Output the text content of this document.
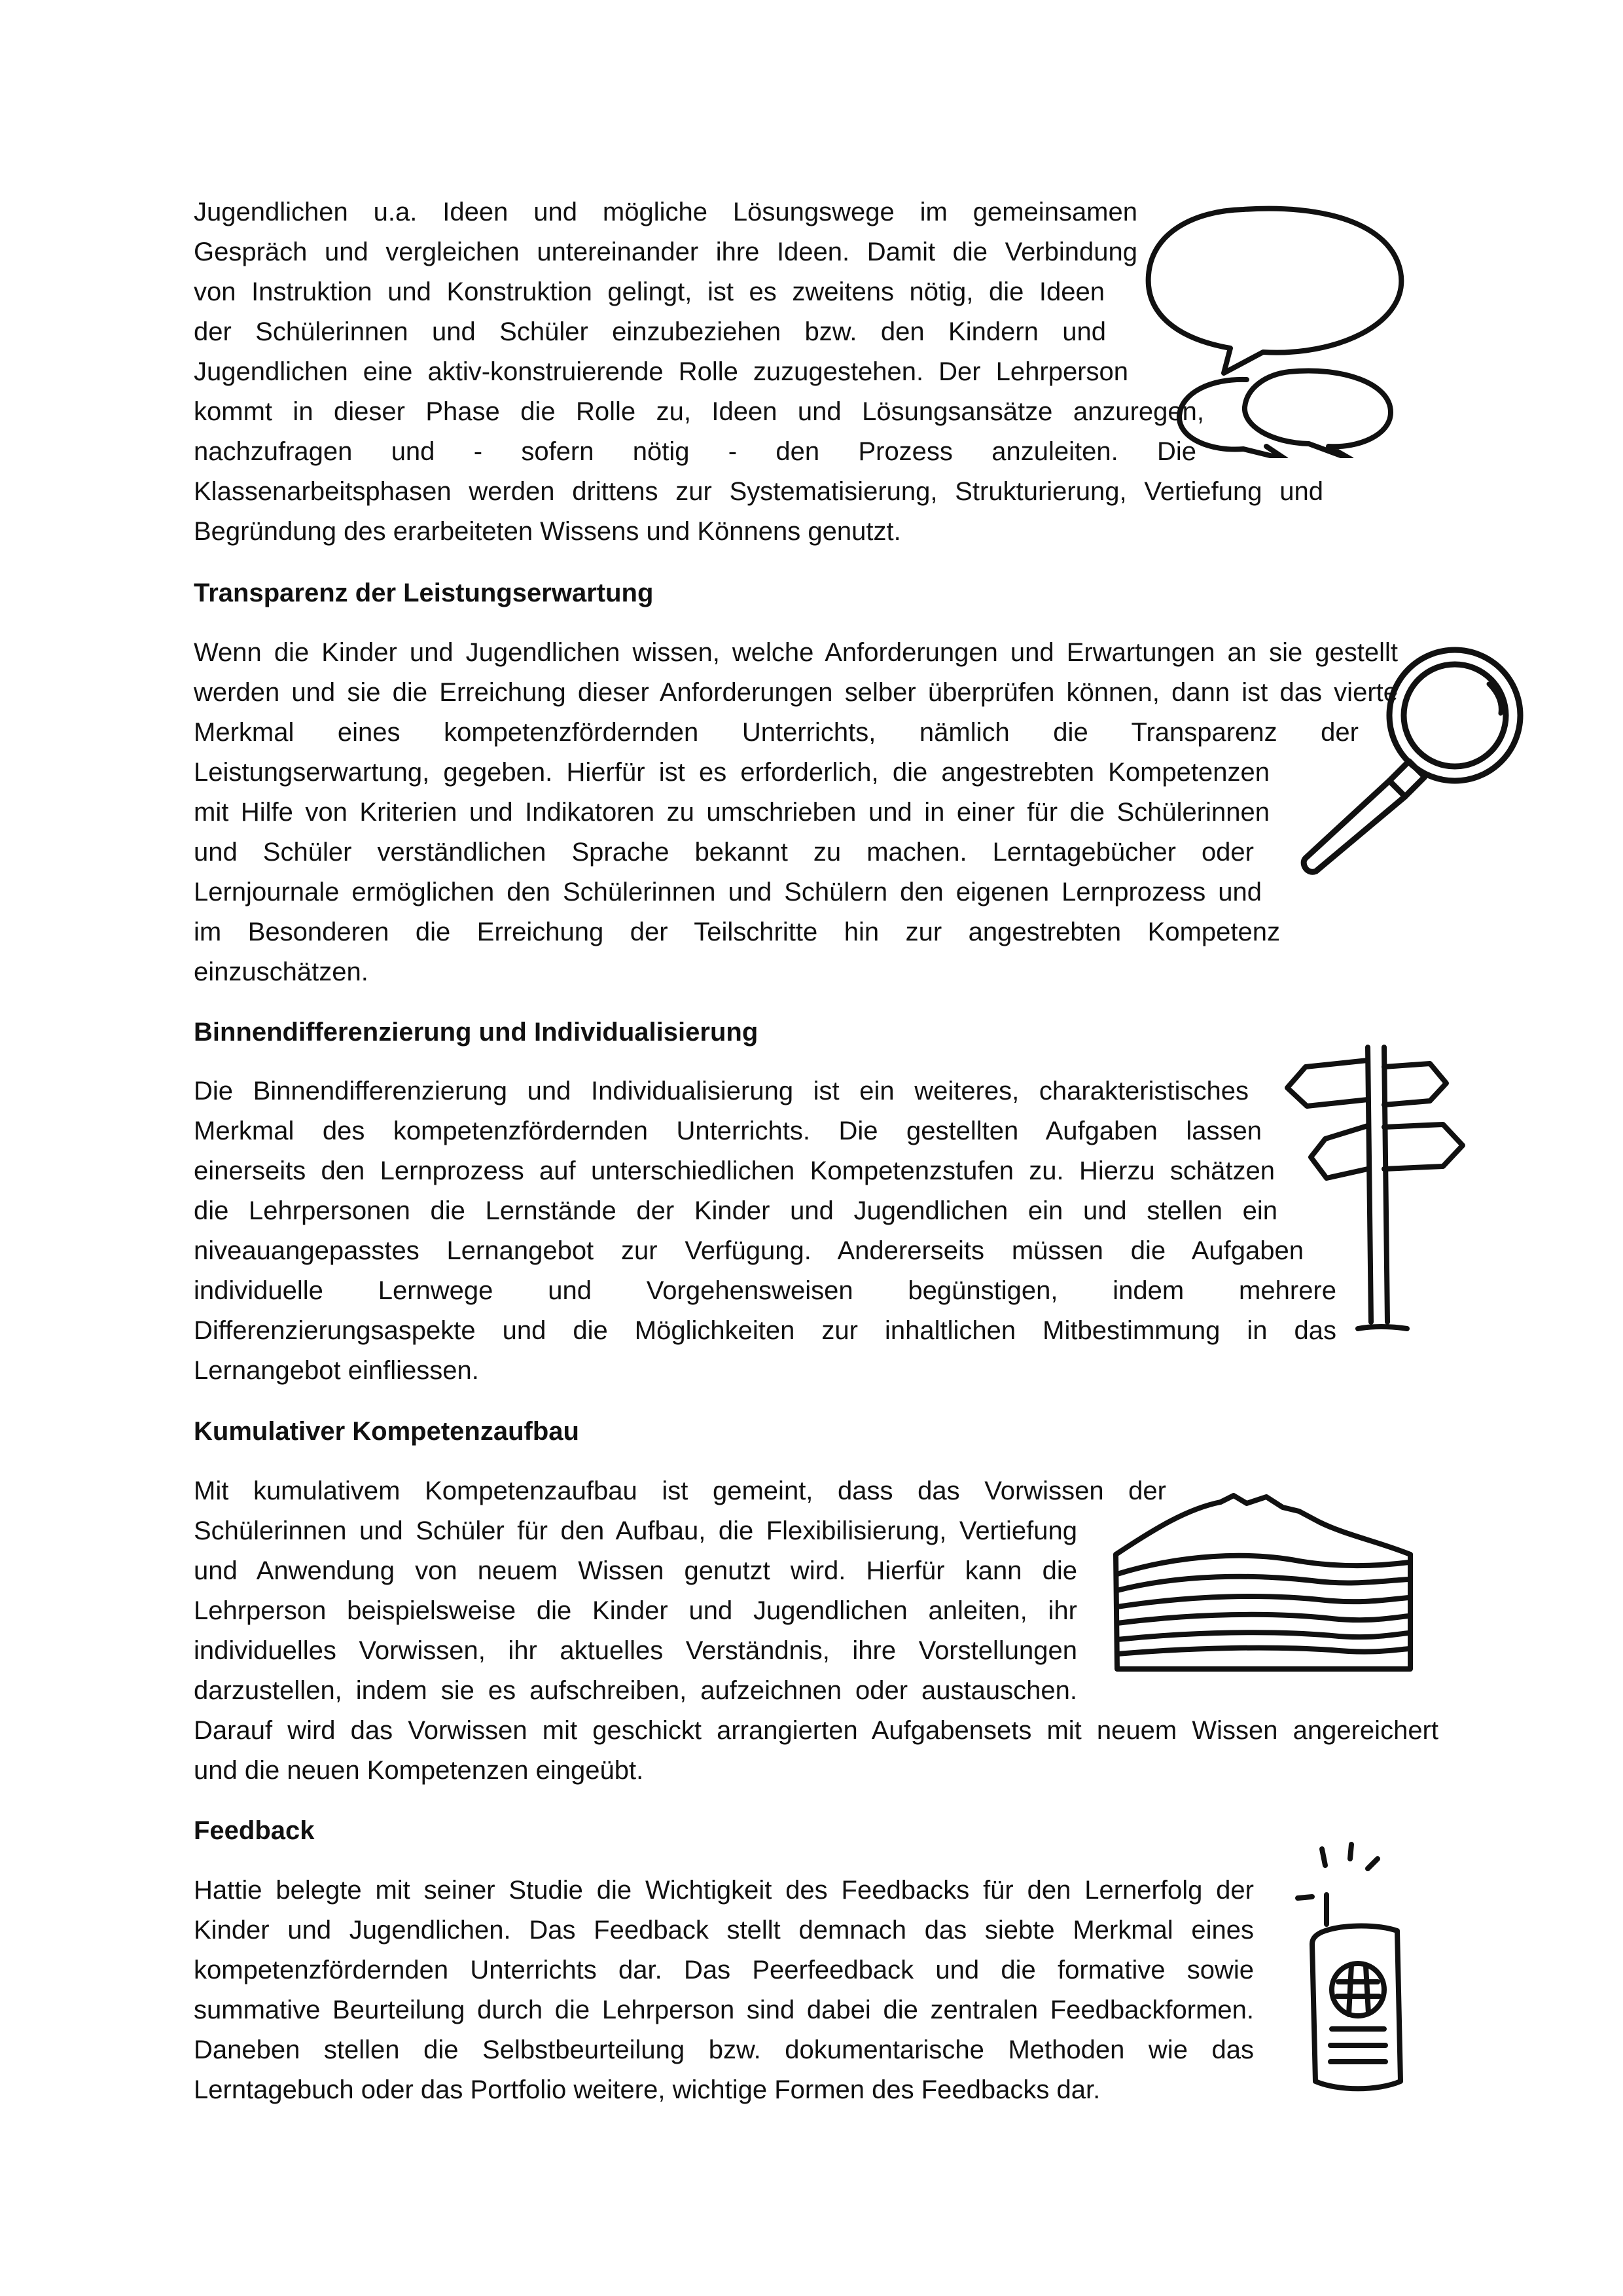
Jugendlichen u.a. Ideen und mögliche Lösungswege im gemeinsamen
Gespräch und vergleichen untereinander ihre Ideen. Damit die Verbindung
von Instruktion und Konstruktion gelingt, ist es zweitens nötig, die Ideen
der Schülerinnen und Schüler einzubeziehen bzw. den Kindern und
Jugendlichen eine aktiv-konstruierende Rolle zuzugestehen. Der Lehrperson
kommt in dieser Phase die Rolle zu, Ideen und Lösungsansätze anzuregen,
nachzufragen und - sofern nötig - den Prozess anzuleiten. Die
Klassenarbeitsphasen werden drittens zur Systematisierung, Strukturierung, Vertiefung und
Begründung des erarbeiteten Wissens und Könnens genutzt.
Transparenz der Leistungserwartung
Wenn die Kinder und Jugendlichen wissen, welche Anforderungen und Erwartungen an sie gestellt
werden und sie die Erreichung dieser Anforderungen selber überprüfen können, dann ist das vierte
Merkmal eines kompetenzfördernden Unterrichts, nämlich die Transparenz der
Leistungserwartung, gegeben. Hierfür ist es erforderlich, die angestrebten Kompetenzen
mit Hilfe von Kriterien und Indikatoren zu umschrieben und in einer für die Schülerinnen
und Schüler verständlichen Sprache bekannt zu machen. Lerntagebücher oder
Lernjournale ermöglichen den Schülerinnen und Schülern den eigenen Lernprozess und
im Besonderen die Erreichung der Teilschritte hin zur angestrebten Kompetenz
einzuschätzen.
Binnendifferenzierung und Individualisierung
Die Binnendifferenzierung und Individualisierung ist ein weiteres, charakteristisches
Merkmal des kompetenzfördernden Unterrichts. Die gestellten Aufgaben lassen
einerseits den Lernprozess auf unterschiedlichen Kompetenzstufen zu. Hierzu schätzen
die Lehrpersonen die Lernstände der Kinder und Jugendlichen ein und stellen ein
niveauangepasstes Lernangebot zur Verfügung. Andererseits müssen die Aufgaben
individuelle Lernwege und Vorgehensweisen begünstigen, indem mehrere
Differenzierungsaspekte und die Möglichkeiten zur inhaltlichen Mitbestimmung in das
Lernangebot einfliessen.
Kumulativer Kompetenzaufbau
Mit kumulativem Kompetenzaufbau ist gemeint, dass das Vorwissen der
Schülerinnen und Schüler für den Aufbau, die Flexibilisierung, Vertiefung
und Anwendung von neuem Wissen genutzt wird. Hierfür kann die
Lehrperson beispielsweise die Kinder und Jugendlichen anleiten, ihr
individuelles Vorwissen, ihr aktuelles Verständnis, ihre Vorstellungen
darzustellen, indem sie es aufschreiben, aufzeichnen oder austauschen.
Darauf wird das Vorwissen mit geschickt arrangierten Aufgabensets mit neuem Wissen angereichert
und die neuen Kompetenzen eingeübt.
Feedback
Hattie belegte mit seiner Studie die Wichtigkeit des Feedbacks für den Lernerfolg der
Kinder und Jugendlichen. Das Feedback stellt demnach das siebte Merkmal eines
kompetenzfördernden Unterrichts dar. Das Peerfeedback und die formative sowie
summative Beurteilung durch die Lehrperson sind dabei die zentralen Feedbackformen.
Daneben stellen die Selbstbeurteilung bzw. dokumentarische Methoden wie das
Lerntagebuch oder das Portfolio weitere, wichtige Formen des Feedbacks dar.
